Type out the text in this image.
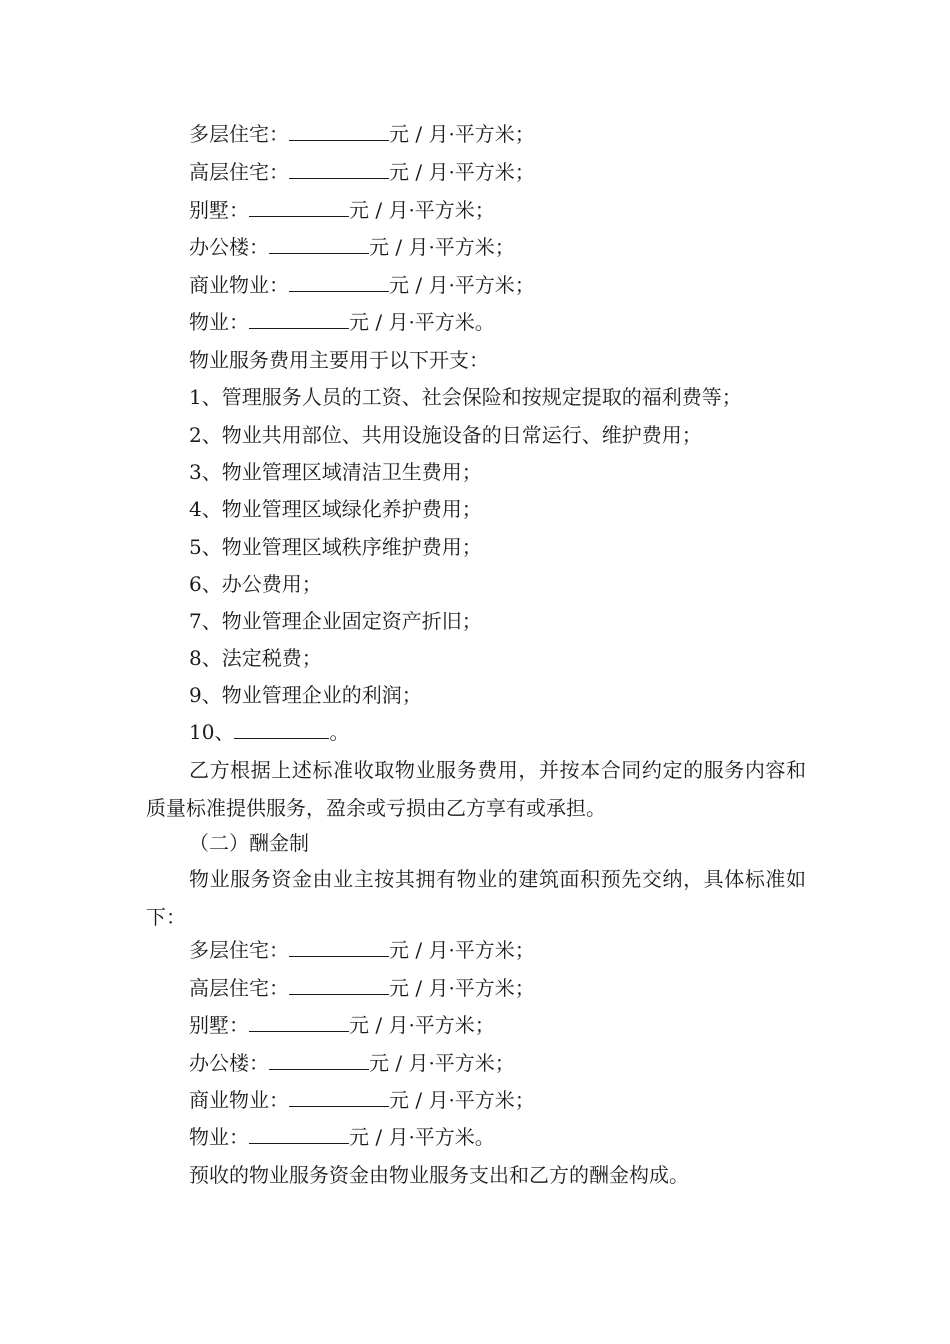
多层住宅：	元 / 月·平方米；
高层住宅：	元 / 月·平方米；
别墅：	元 / 月·平方米；
办公楼：	元 / 月·平方米；
商业物业：	元 / 月·平方米；
物业：	元 / 月·平方米。
物业服务费用主要用于以下开支：
1、管理服务人员的工资、社会保险和按规定提取的福利费等；
2、物业共用部位、共用设施设备的日常运行、维护费用；
3、物业管理区域清洁卫生费用；
4、物业管理区域绿化养护费用；
5、物业管理区域秩序维护费用；
6、办公费用；
7、物业管理企业固定资产折旧；
8、法定税费；
9、物业管理企业的利润；
10、	。
乙方根据上述标准收取物业服务费用，并按本合同约定的服务内容和质量标准提供服务，盈余或亏损由乙方享有或承担。
（二）酬金制
物业服务资金由业主按其拥有物业的建筑面积预先交纳，具体标准如下：
多层住宅：	元 / 月·平方米；
高层住宅：	元 / 月·平方米；
别墅：	元 / 月·平方米；
办公楼：	元 / 月·平方米；
商业物业：	元 / 月·平方米；
物业：	元 / 月·平方米。
预收的物业服务资金由物业服务支出和乙方的酬金构成。
